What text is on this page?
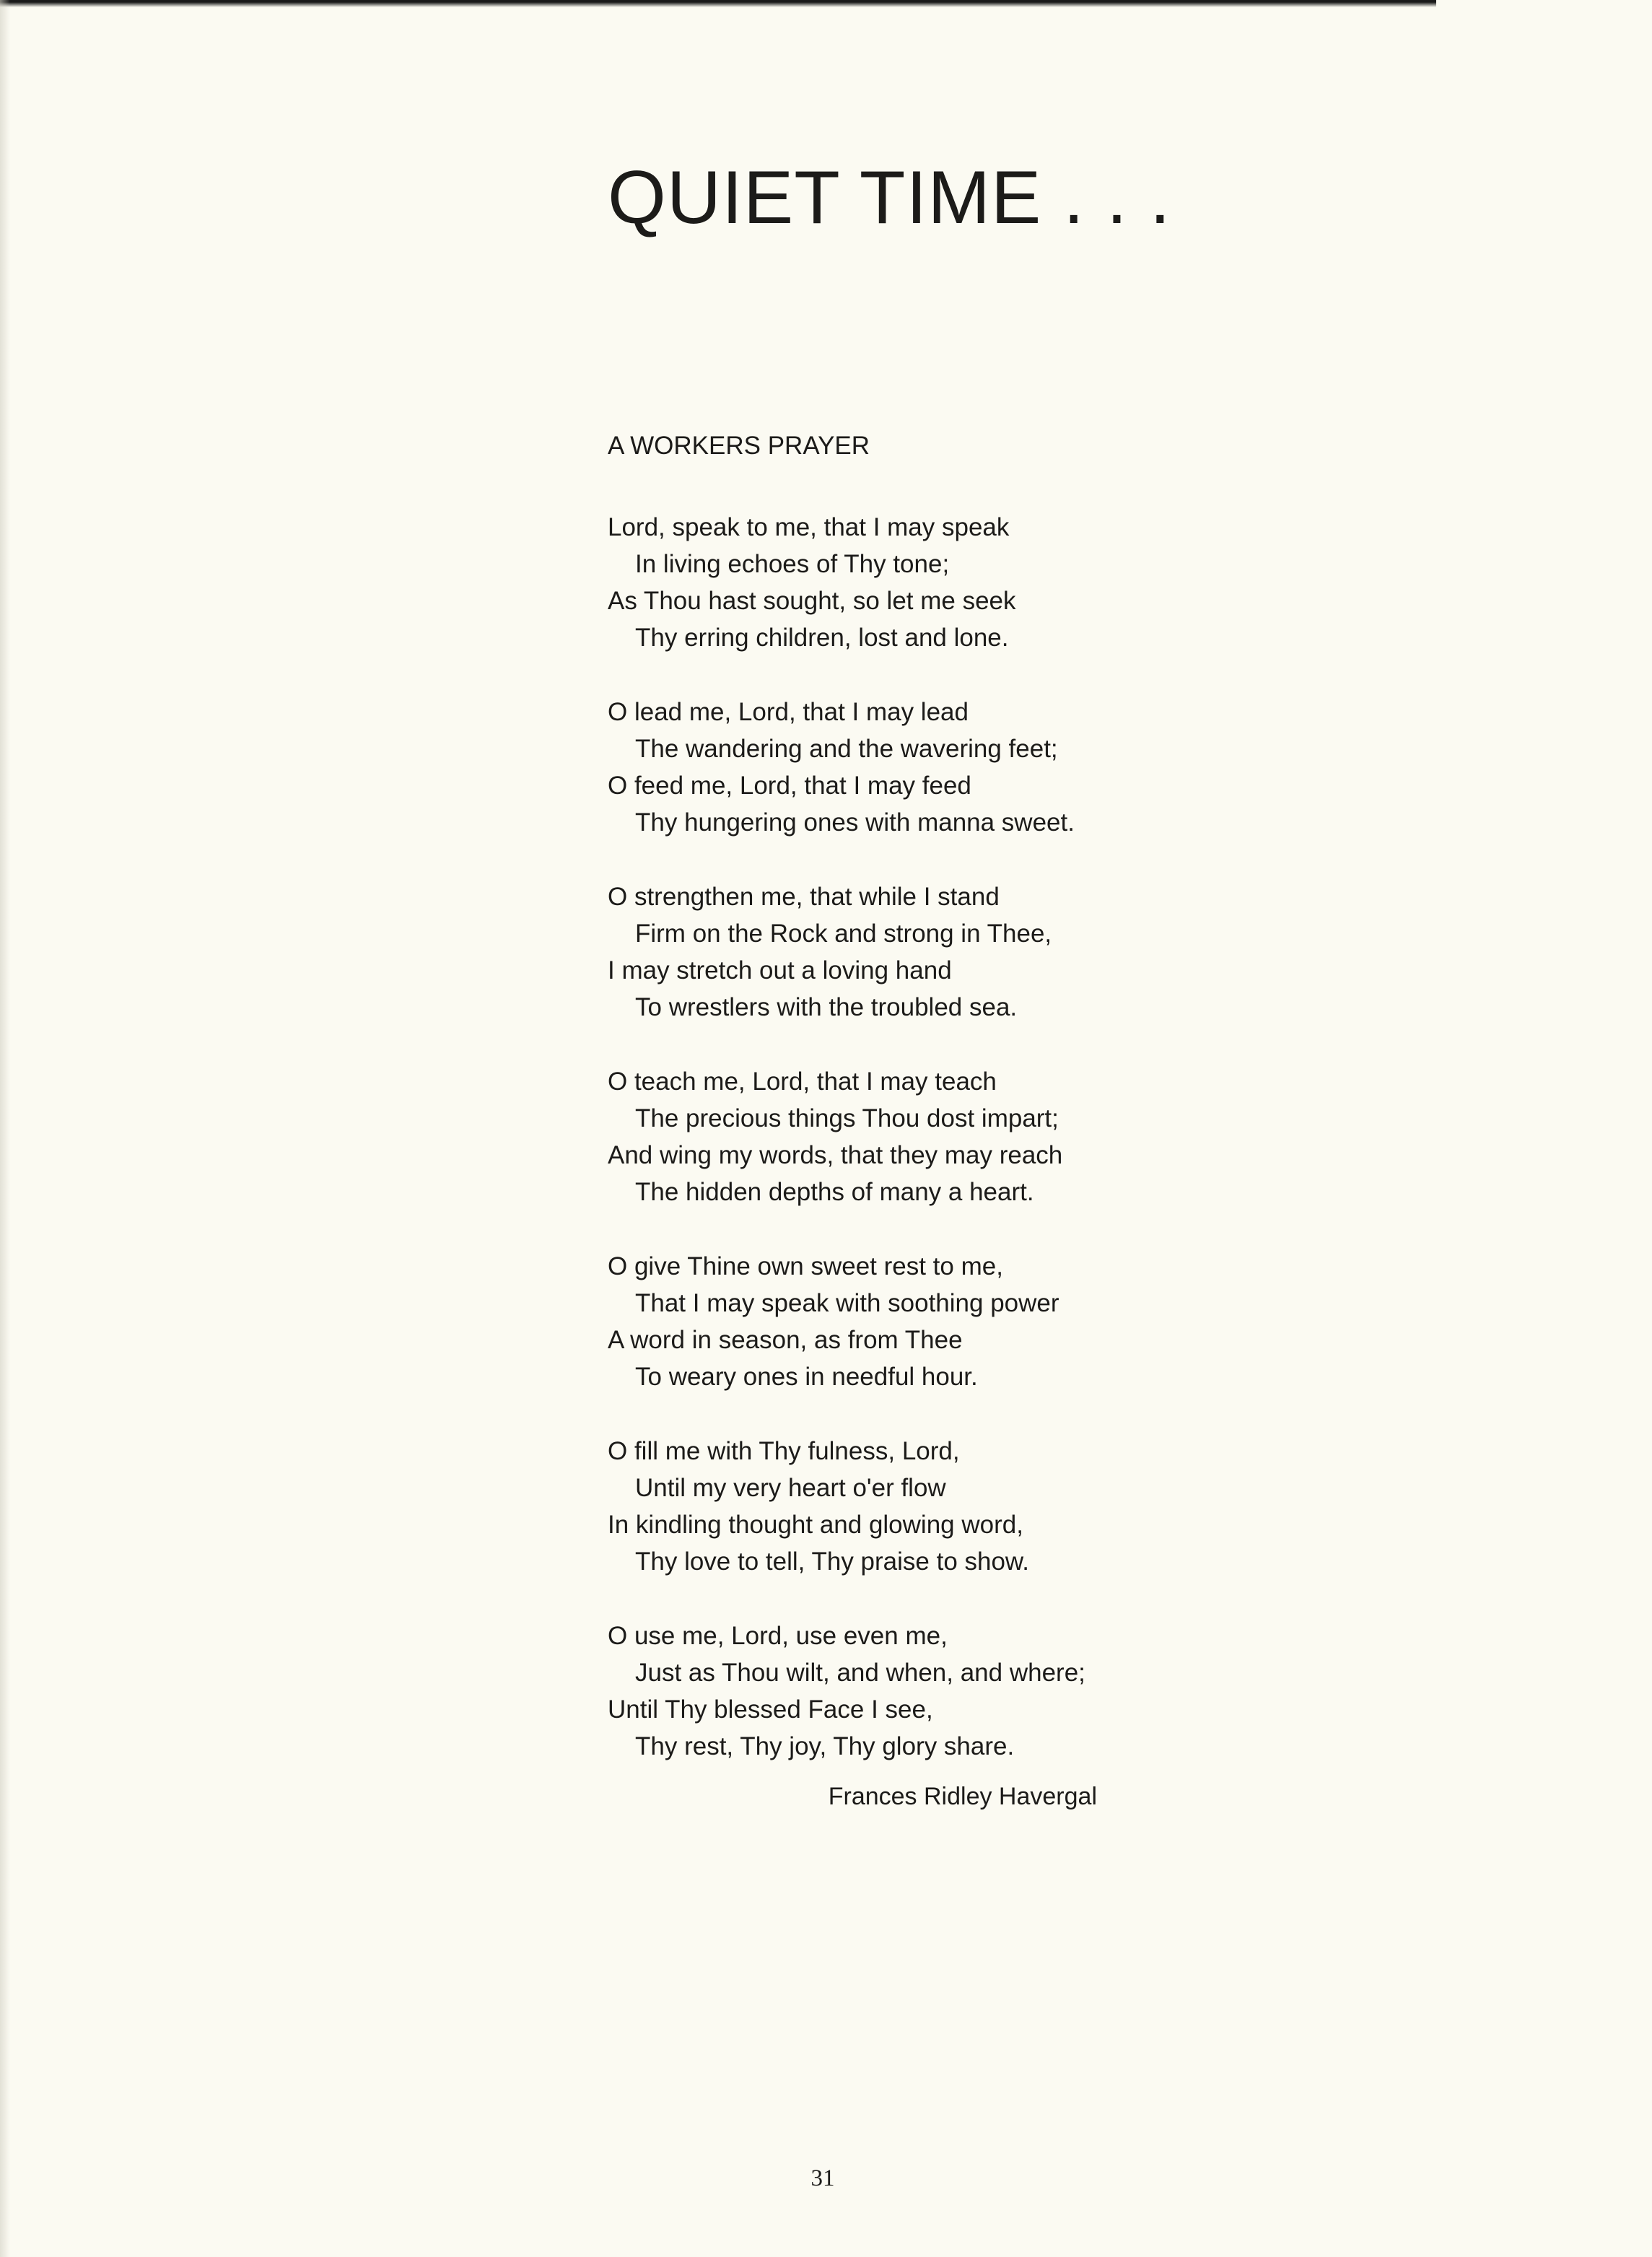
QUIET TIME . . .
A WORKERS PRAYER
Lord, speak to me, that I may speak
In living echoes of Thy tone;
As Thou hast sought, so let me seek
Thy erring children, lost and lone.
O lead me, Lord, that I may lead
The wandering and the wavering feet;
O feed me, Lord, that I may feed
Thy hungering ones with manna sweet.
O strengthen me, that while I stand
Firm on the Rock and strong in Thee,
I may stretch out a loving hand
To wrestlers with the troubled sea.
O teach me, Lord, that I may teach
The precious things Thou dost impart;
And wing my words, that they may reach
The hidden depths of many a heart.
O give Thine own sweet rest to me,
That I may speak with soothing power
A word in season, as from Thee
To weary ones in needful hour.
O fill me with Thy fulness, Lord,
Until my very heart o'er flow
In kindling thought and glowing word,
Thy love to tell, Thy praise to show.
O use me, Lord, use even me,
Just as Thou wilt, and when, and where;
Until Thy blessed Face I see,
Thy rest, Thy joy, Thy glory share.
Frances Ridley Havergal
31
